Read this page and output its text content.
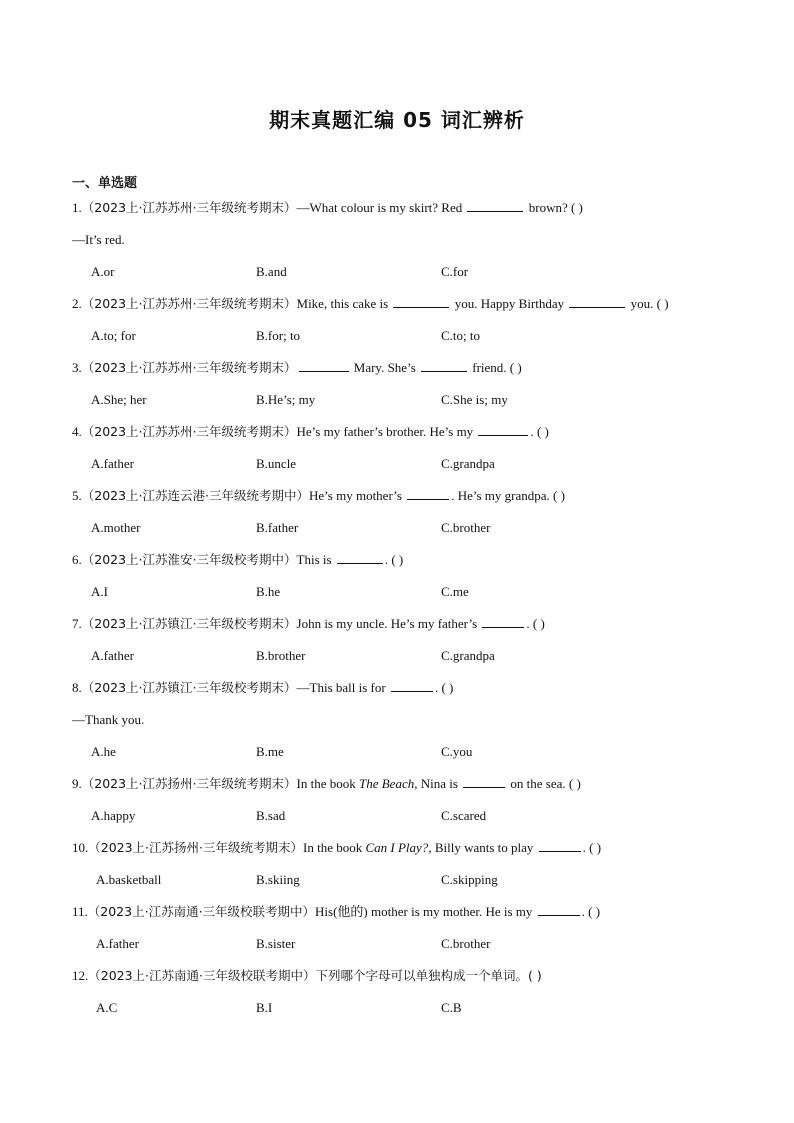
期末真题汇编 05 词汇辨析
一、单选题
1.（2023上·江苏苏州·三年级统考期末）—What colour is my skirt? Red	brown? ( )
—It’s red.
A.or	B.and	C.for
2.（2023上·江苏苏州·三年级统考期末）Mike, this cake is	you. Happy Birthday	you. ( )
A.to; for	B.for; to	C.to; to
3.（2023上·江苏苏州·三年级统考期末）	Mary. She’s	friend. ( )
A.She; her	B.He’s; my	C.She is; my
4.（2023上·江苏苏州·三年级统考期末）He’s my father’s brother. He’s my	. ( )
A.father	B.uncle	C.grandpa
5.（2023上·江苏连云港·三年级统考期中）He’s my mother’s	. He’s my grandpa. ( )
A.mother	B.father	C.brother
6.（2023上·江苏淮安·三年级校考期中）This is	. ( )
A.I	B.he	C.me
7.（2023上·江苏镇江·三年级校考期末）John is my uncle. He’s my father’s	. ( )
A.father	B.brother	C.grandpa
8.（2023上·江苏镇江·三年级校考期末）—This ball is for	. ( )
—Thank you.
A.he	B.me	C.you
9.（2023上·江苏扬州·三年级统考期末）In the book The Beach, Nina is	on the sea. ( )
A.happy	B.sad	C.scared
10.（2023上·江苏扬州·三年级统考期末）In the book Can I Play?, Billy wants to play	. ( )
A.basketball	B.skiing	C.skipping
11.（2023上·江苏南通·三年级校联考期中）His(他的) mother is my mother. He is my	. ( )
A.father	B.sister	C.brother
12.（2023上·江苏南通·三年级校联考期中）下列哪个字母可以单独构成一个单词。( )
A.C	B.I	C.B
